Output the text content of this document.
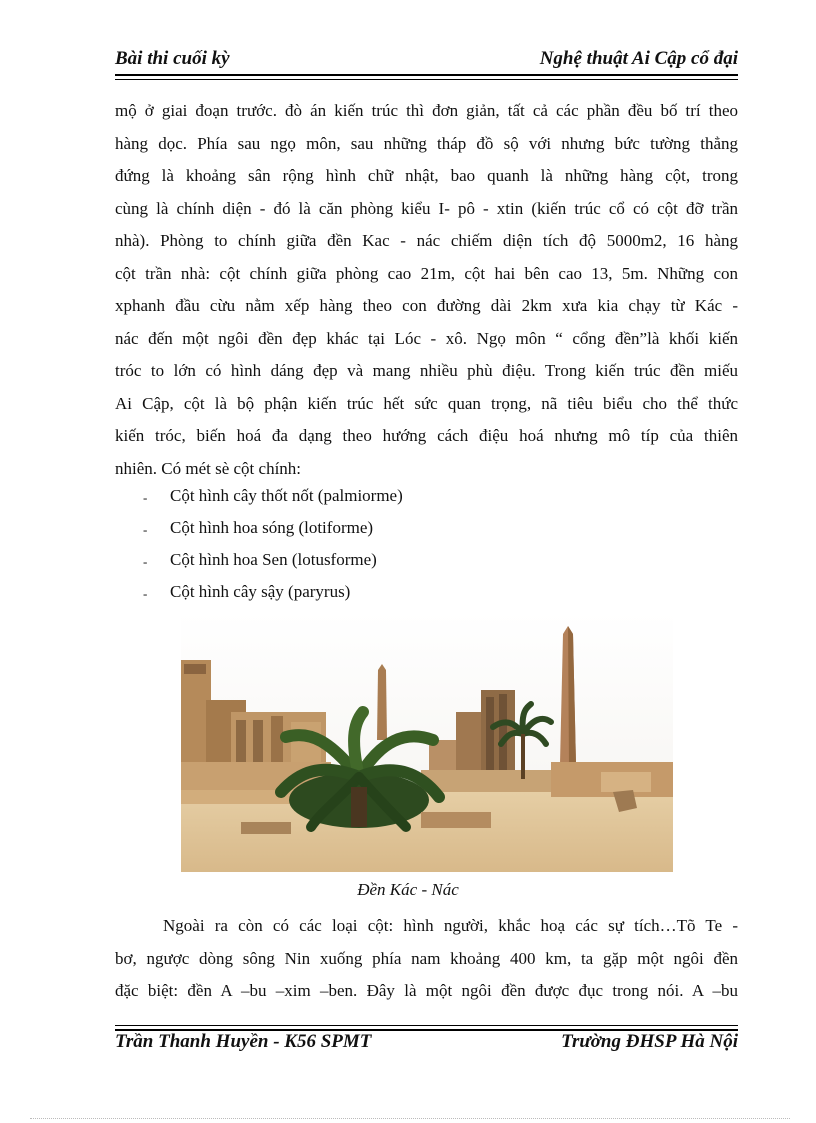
Bài thi cuối kỳ	Nghệ thuật Ai Cập cổ đại
mộ ở giai đoạn trước. đò án kiến trúc thì đơn giản, tất cả các phần đều bố trí theo
hàng dọc. Phía sau ngọ môn, sau những tháp đồ sộ với nhưng bức tường thẳng
đứng là khoảng sân rộng hình chữ nhật, bao quanh là những hàng cột, trong
cùng là chính diện - đó là căn phòng kiểu I- pô - xtin (kiến trúc cổ có cột đỡ trần
nhà). Phòng to chính giữa đền Kac - nác chiếm diện tích độ 5000m2, 16 hàng
cột trần nhà: cột chính giữa phòng cao 21m, cột hai bên cao 13, 5m. Những con
xphanh đầu cừu nằm xếp hàng theo con đường dài 2km xưa kia chạy từ Kác -
nác đến một ngôi đền đẹp khác tại Lóc - xô. Ngọ môn “ cổng đền”là khối kiến
tróc to lớn có hình dáng đẹp và mang nhiều phù điệu. Trong kiến trúc đền miếu
Ai Cập, cột là bộ phận kiến trúc hết sức quan trọng, nã tiêu biểu cho thể thức
kiến tróc, biến hoá đa dạng theo hướng cách điệu hoá nhưng mô típ của thiên
nhiên. Có mét sè cột chính:
- Cột hình cây thốt nốt (palmiorme)
- Cột hình hoa sóng (lotiforme)
- Cột hình hoa Sen (lotusforme)
- Cột hình cây sậy (paryrus)
Đền Kác - Nác
Ngoài ra còn có các loại cột: hình người, khắc hoạ các sự tích…Tõ Te -
bơ, ngược dòng sông Nin xuống phía nam khoảng 400 km, ta gặp một ngôi đền
đặc biệt: đền A –bu –xim –ben. Đây là một ngôi đền được đục trong nói. A –bu
Trần Thanh Huyền - K56 SPMT	Trường ĐHSP Hà Nội
